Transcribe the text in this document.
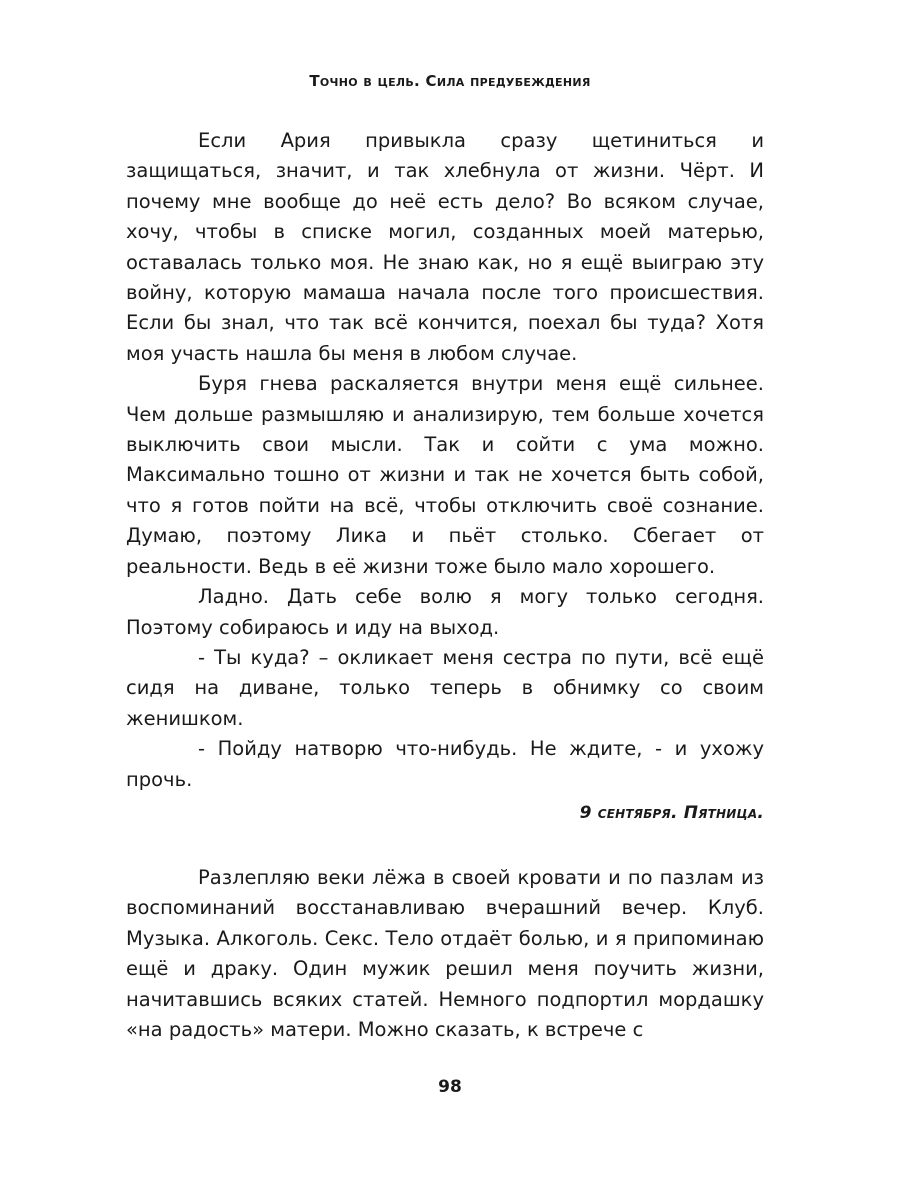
Точно в цель. Сила предубеждения

Если Ария привыкла сразу щетиниться и защищаться, значит, и так хлебнула от жизни. Чёрт. И почему мне вообще до неё есть дело? Во всяком случае, хочу, чтобы в списке могил, созданных моей матерью, оставалась только моя. Не знаю как, но я ещё выиграю эту войну, которую мамаша начала после того происшествия. Если бы знал, что так всё кончится, поехал бы туда? Хотя моя участь нашла бы меня в любом случае.

Буря гнева раскаляется внутри меня ещё сильнее. Чем дольше размышляю и анализирую, тем больше хочется выключить свои мысли. Так и сойти с ума можно. Максимально тошно от жизни и так не хочется быть собой, что я готов пойти на всё, чтобы отключить своё сознание. Думаю, поэтому Лика и пьёт столько. Сбегает от реальности. Ведь в её жизни тоже было мало хорошего.

Ладно. Дать себе волю я могу только сегодня. Поэтому собираюсь и иду на выход.

- Ты куда? – окликает меня сестра по пути, всё ещё сидя на диване, только теперь в обнимку со своим женишком.

- Пойду натворю что-нибудь. Не ждите, - и ухожу прочь.

9 сентября. Пятница.

Разлепляю веки лёжа в своей кровати и по пазлам из воспоминаний восстанавливаю вчерашний вечер. Клуб. Музыка. Алкоголь. Секс. Тело отдаёт болью, и я припоминаю ещё и драку. Один мужик решил меня поучить жизни, начитавшись всяких статей. Немного подпортил мордашку «на радость» матери. Можно сказать, к встрече с

98
